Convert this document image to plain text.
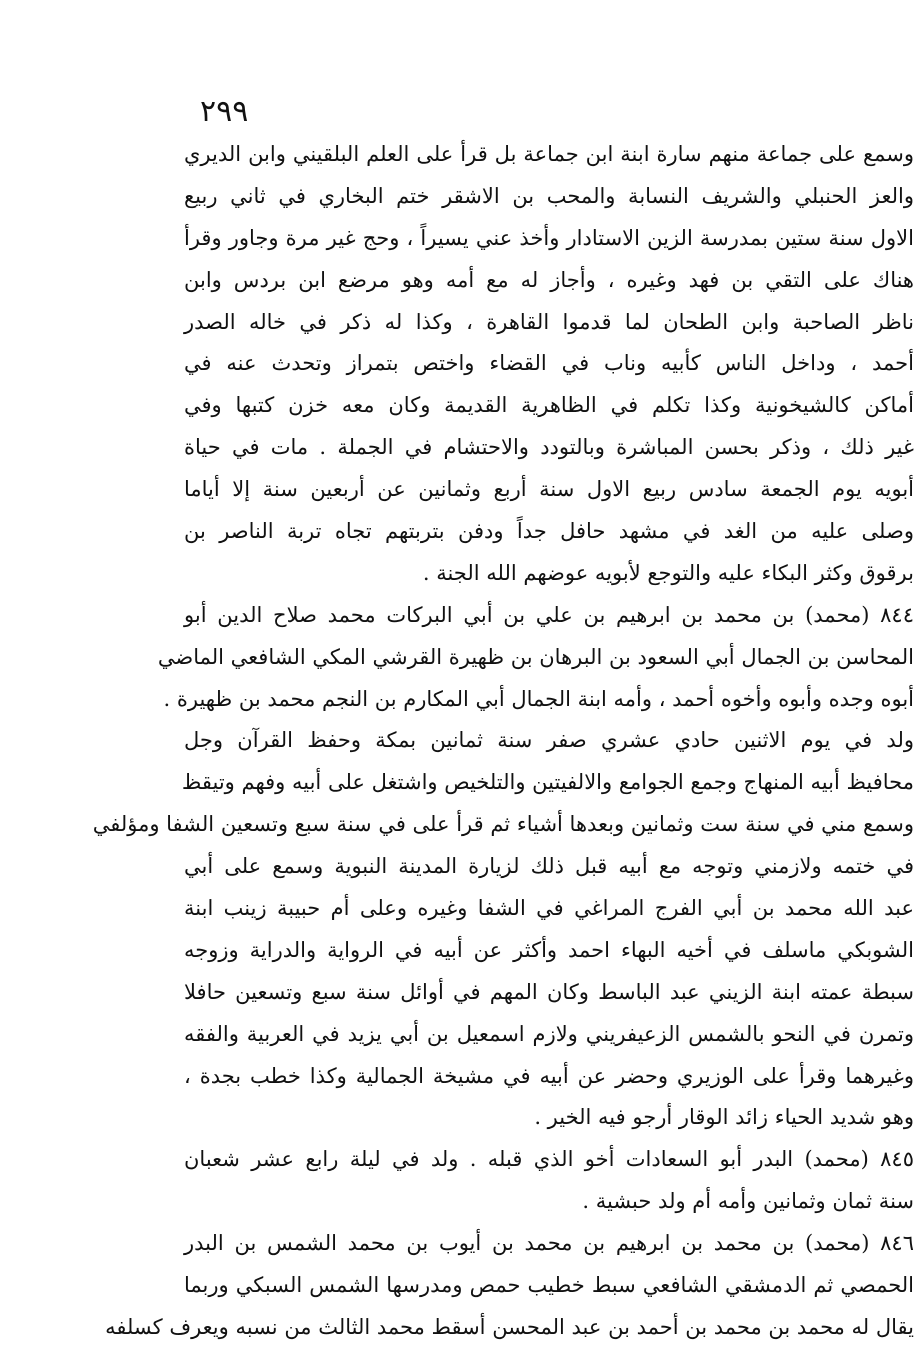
٢٩٩
وسمع على جماعة منهم سارة ابنة ابن جماعة بل قرأ على العلم البلقيني وابن الديري
والعز الحنبلي والشريف النسابة والمحب بن الاشقر ختم البخاري في ثاني ربيع
الاول سنة ستين بمدرسة الزين الاستادار وأخذ عني يسيراً ، وحج غير مرة وجاور وقرأ
هناك على التقي بن فهد وغيره ، وأجاز له مع أمه وهو مرضع ابن بردس وابن
ناظر الصاحبة وابن الطحان لما قدموا القاهرة ، وكذا له ذكر في خاله الصدر
أحمد ، وداخل الناس كأبيه وناب في القضاء واختص بتمراز وتحدث عنه في
أماكن كالشيخونية وكذا تكلم في الظاهرية القديمة وكان معه خزن كتبها وفي
غير ذلك ، وذكر بحسن المباشرة وبالتودد والاحتشام في الجملة . مات في حياة
أبويه يوم الجمعة سادس ربيع الاول سنة أربع وثمانين عن أربعين سنة إلا أياما
وصلى عليه من الغد في مشهد حافل جداً ودفن بتربتهم تجاه تربة الناصر بن
برقوق وكثر البكاء عليه والتوجع لأبويه عوضهم الله الجنة .
٨٤٤ (محمد) بن محمد بن ابرهيم بن علي بن أبي البركات محمد صلاح الدين أبو
المحاسن بن الجمال أبي السعود بن البرهان بن ظهيرة القرشي المكي الشافعي الماضي
أبوه وجده وأبوه وأخوه أحمد ، وأمه ابنة الجمال أبي المكارم بن النجم محمد بن ظهيرة .
ولد في يوم الاثنين حادي عشري صفر سنة ثمانين بمكة وحفظ القرآن وجل
محافيظ أبيه المنهاج وجمع الجوامع والالفيتين والتلخيص واشتغل على أبيه وفهم وتيقظ
وسمع مني في سنة ست وثمانين وبعدها أشياء ثم قرأ على في سنة سبع وتسعين الشفا ومؤلفي
في ختمه ولازمني وتوجه مع أبيه قبل ذلك لزيارة المدينة النبوية وسمع على أبي
عبد الله محمد بن أبي الفرج المراغي في الشفا وغيره وعلى أم حبيبة زينب ابنة
الشوبكي ماسلف في أخيه البهاء احمد وأكثر عن أبيه في الرواية والدراية وزوجه
سبطة عمته ابنة الزيني عبد الباسط وكان المهم في أوائل سنة سبع وتسعين حافلا
وتمرن في النحو بالشمس الزعيفريني ولازم اسمعيل بن أبي يزيد في العربية والفقه
وغيرهما وقرأ على الوزيري وحضر عن أبيه في مشيخة الجمالية وكذا خطب بجدة ،
وهو شديد الحياء زائد الوقار أرجو فيه الخير .
٨٤٥ (محمد) البدر أبو السعادات أخو الذي قبله . ولد في ليلة رابع عشر شعبان
سنة ثمان وثمانين وأمه أم ولد حبشية .
٨٤٦ (محمد) بن محمد بن ابرهيم بن محمد بن أيوب بن محمد الشمس بن البدر
الحمصي ثم الدمشقي الشافعي سبط خطيب حمص ومدرسها الشمس السبكي وربما
يقال له محمد بن محمد بن أحمد بن عبد المحسن أسقط محمد الثالث من نسبه ويعرف كسلفه
